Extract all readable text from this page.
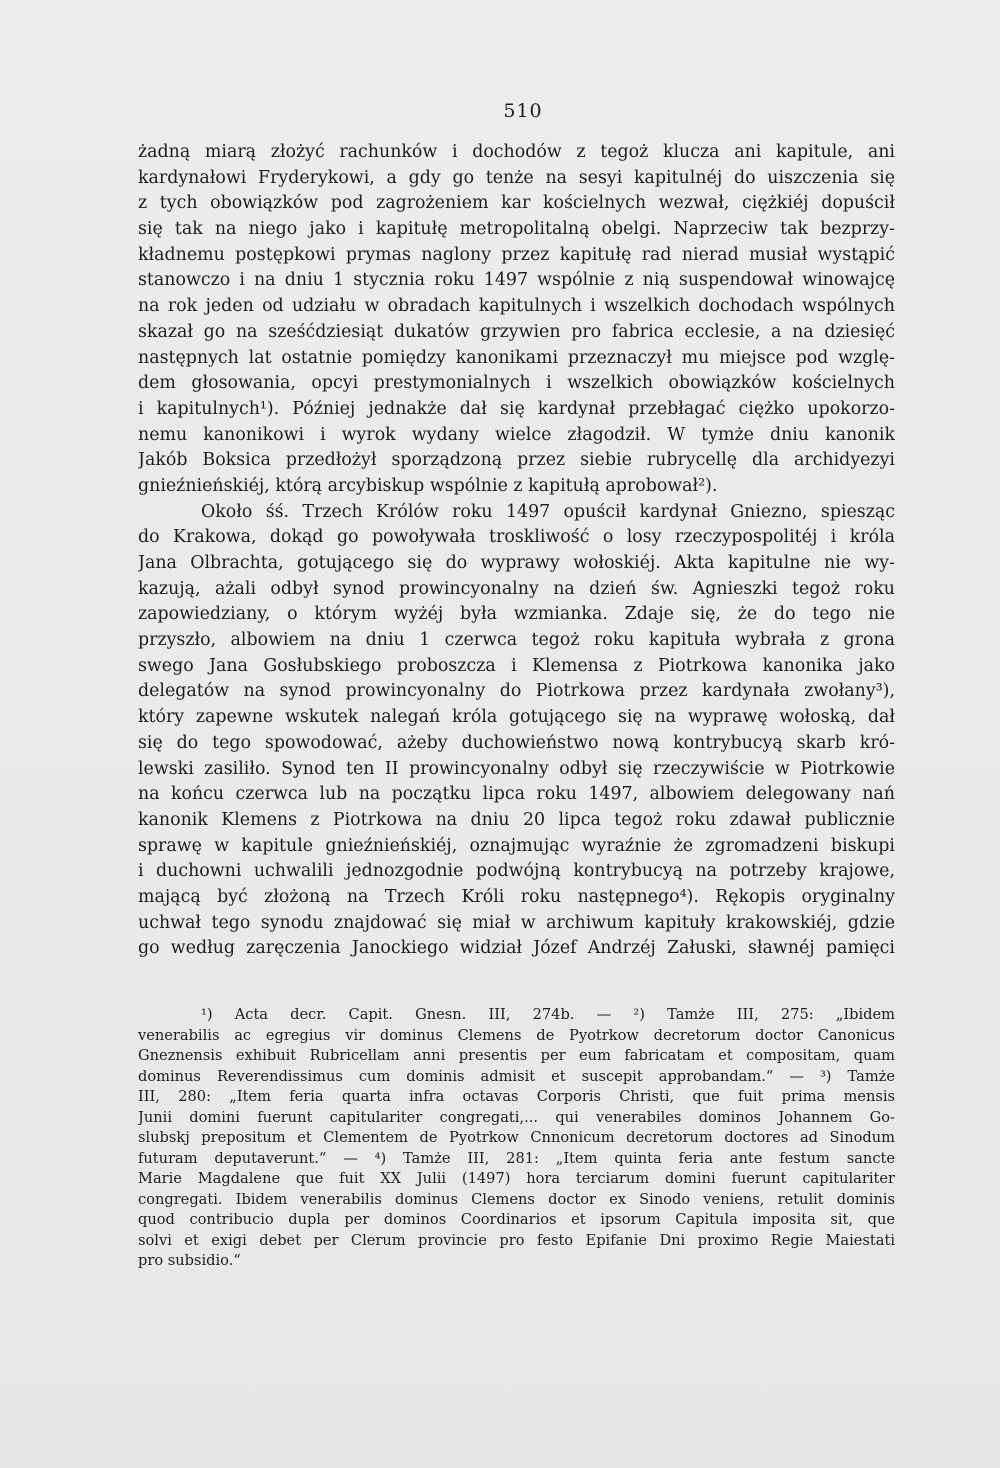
510
żadną miarą złożyć rachunków i dochodów z tegoż klucza ani kapitule, ani
kardynałowi Fryderykowi, a gdy go tenże na sesyi kapitulnéj do uiszczenia się
z tych obowiązków pod zagrożeniem kar kościelnych wezwał, ciężkiéj dopuścił
się tak na niego jako i kapitułę metropolitalną obelgi. Naprzeciw tak bezprzy-
kładnemu postępkowi prymas naglony przez kapitułę rad nierad musiał wystąpić
stanowczo i na dniu 1 stycznia roku 1497 wspólnie z nią suspendował winowajcę
na rok jeden od udziału w obradach kapitulnych i wszelkich dochodach wspólnych
skazał go na sześćdziesiąt dukatów grzywien pro fabrica ecclesie, a na dziesięć
następnych lat ostatnie pomiędzy kanonikami przeznaczył mu miejsce pod wzglę-
dem głosowania, opcyi prestymonialnych i wszelkich obowiązków kościelnych
i kapitulnych¹). Później jednakże dał się kardynał przebłagać ciężko upokorzo-
nemu kanonikowi i wyrok wydany wielce złagodził. W tymże dniu kanonik
Jakób Boksica przedłożył sporządzoną przez siebie rubrycellę dla archidyezyi
gnieźnieńskiéj, którą arcybiskup wspólnie z kapitułą aprobował²).
Około śś. Trzech Królów roku 1497 opuścił kardynał Gniezno, spiesząc
do Krakowa, dokąd go powoływała troskliwość o losy rzeczypospolitéj i króla
Jana Olbrachta, gotującego się do wyprawy wołoskiéj. Akta kapitulne nie wy-
kazują, ażali odbył synod prowincyonalny na dzień św. Agnieszki tegoż roku
zapowiedziany, o którym wyżéj była wzmianka. Zdaje się, że do tego nie
przyszło, albowiem na dniu 1 czerwca tegoż roku kapituła wybrała z grona
swego Jana Gosłubskiego proboszcza i Klemensa z Piotrkowa kanonika jako
delegatów na synod prowincyonalny do Piotrkowa przez kardynała zwołany³),
który zapewne wskutek nalegań króla gotującego się na wyprawę wołoską, dał
się do tego spowodować, ażeby duchowieństwo nową kontrybucyą skarb kró-
lewski zasiliło. Synod ten II prowincyonalny odbył się rzeczywiście w Piotrkowie
na końcu czerwca lub na początku lipca roku 1497, albowiem delegowany nań
kanonik Klemens z Piotrkowa na dniu 20 lipca tegoż roku zdawał publicznie
sprawę w kapitule gnieźnieńskiéj, oznajmując wyraźnie że zgromadzeni biskupi
i duchowni uchwalili jednozgodnie podwójną kontrybucyą na potrzeby krajowe,
mającą być złożoną na Trzech Króli roku następnego⁴). Rękopis oryginalny
uchwał tego synodu znajdować się miał w archiwum kapituły krakowskiéj, gdzie
go według zaręczenia Janockiego widział Józef Andrzéj Załuski, sławnéj pamięci
¹) Acta decr. Capit. Gnesn. III, 274b. — ²) Tamże III, 275: „Ibidem
venerabilis ac egregius vir dominus Clemens de Pyotrkow decretorum doctor Canonicus
Gneznensis exhibuit Rubricellam anni presentis per eum fabricatam et compositam, quam
dominus Reverendissimus cum dominis admisit et suscepit approbandam.“ — ³) Tamże
III, 280: „Item feria quarta infra octavas Corporis Christi, que fuit prima mensis
Junii domini fuerunt capitulariter congregati,... qui venerabiles dominos Johannem Go-
slubskj prepositum et Clementem de Pyotrkow Cnnonicum decretorum doctores ad Sinodum
futuram deputaverunt.“ — ⁴) Tamże III, 281: „Item quinta feria ante festum sancte
Marie Magdalene que fuit XX Julii (1497) hora terciarum domini fuerunt capitulariter
congregati. Ibidem venerabilis dominus Clemens doctor ex Sinodo veniens, retulit dominis
quod contribucio dupla per dominos Coordinarios et ipsorum Capitula imposita sit, que
solvi et exigi debet per Clerum provincie pro festo Epifanie Dni proximo Regie Maiestati
pro subsidio.“
